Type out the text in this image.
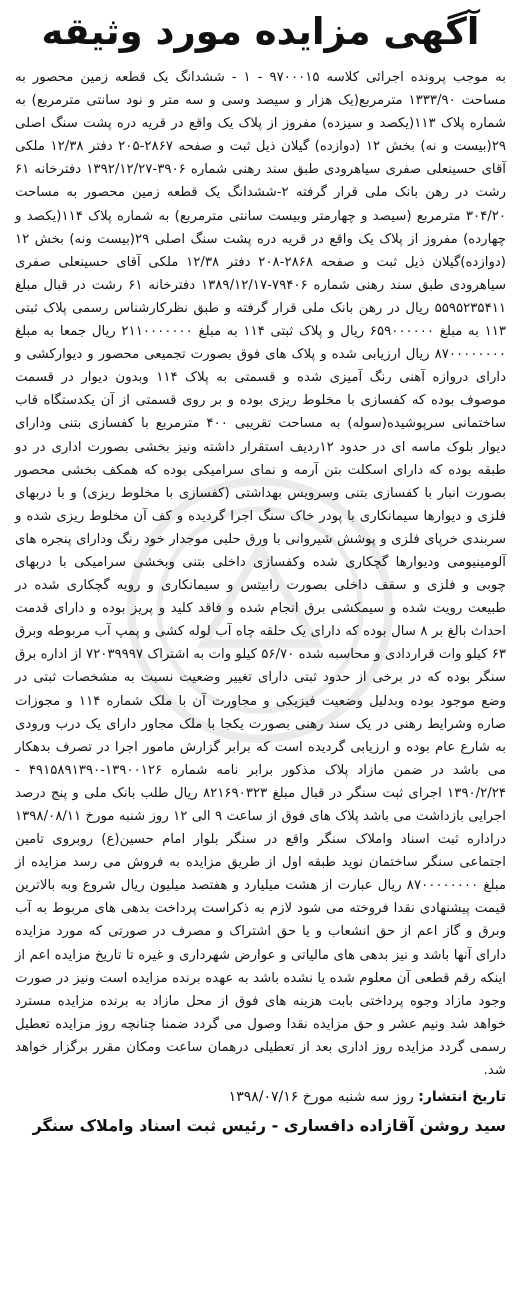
آگهی مزایده مورد وثیقه

به موجب پرونده اجرائی کلاسه ۹۷۰۰۰۱۵ - ۱ - ششدانگ یک قطعه زمین محصور به مساحت ۱۳۳۳/۹۰ مترمربع(یک هزار و سیصد وسی و سه متر و نود سانتی مترمربع) به شماره پلاک ۱۱۳(یکصد و سیزده) مفروز از پلاک یک واقع در قریه دره پشت سنگ اصلی ۲۹(بیست و نه) بخش ۱۲ (دوازده) گیلان ذیل ثبت و صفحه ۲۸۶۷-۲۰۵ دفتر ۱۲/۳۸ ملکی آقای حسینعلی صفری سیاهرودی طبق سند رهنی شماره ۳۹۰۶-۱۳۹۲/۱۲/۲۷ دفترخانه ۶۱ رشت در رهن بانک ملی قرار گرفته ۲-ششدانگ یک قطعه زمین محصور به مساحت ۳۰۴/۲۰ مترمربع (سیصد و چهارمتر وبیست سانتی مترمربع) به شماره پلاک ۱۱۴(یکصد و چهارده) مفروز از پلاک یک واقع در قریه دره پشت سنگ اصلی ۲۹(بیست ونه) بخش ۱۲ (دوازده)گیلان ذیل ثبت و صفحه ۲۸۶۸-۲۰۸ دفتر ۱۲/۳۸ ملکی آقای حسینعلی صفری سیاهرودی طبق سند رهنی شماره ۷۹۴۰۶-۱۳۸۹/۱۲/۱۷ دفترخانه ۶۱ رشت در قبال مبلغ ۵۵۹۵۲۳۵۴۱۱ ریال در رهن بانک ملی قرار گرفته و طبق نظرکارشناس رسمی پلاک ثبتی ۱۱۳ به مبلغ ۶۵۹۰۰۰۰۰۰ ریال و پلاک ثبتی ۱۱۴ به مبلغ ۲۱۱۰۰۰۰۰۰۰ ریال جمعا به مبلغ ۸۷۰۰۰۰۰۰۰۰ ریال ارزیابی شده و پلاک های فوق بصورت تجمیعی محصور و دیوارکشی و دارای دروازه آهنی رنگ آمیزی شده و قسمتی به پلاک ۱۱۴ وبدون دیوار در قسمت موصوف بوده که کفسازی با مخلوط ریزی بوده و بر روی قسمتی از آن یکدستگاه قاب ساختمانی سرپوشیده(سوله) به مساحت تقریبی ۴۰۰ مترمربع با کفسازی بتنی ودارای دیوار بلوک ماسه ای در حدود ۱۲ردیف استقرار داشته ونیز بخشی بصورت اداری در دو طبقه بوده که دارای اسکلت بتن آرمه و نمای سرامیکی بوده که همکف بخشی محصور بصورت انبار با کفسازی بتنی وسرویس بهداشتی (کفسازی با مخلوط ریزی) و با دربهای فلزی و دیوارها سیمانکاری با پودر خاک سنگ اجرا گردیده و کف آن مخلوط ریزی شده و سربندی خرپای فلزی و پوشش شیروانی با ورق حلبی موجدار خود رنگ ودارای پنجره های آلومینیومی ودیوارها گچکاری شده وکفسازی داخلی بتنی وبخشی سرامیکی با دربهای چوبی و فلزی و سقف داخلی بصورت رابیتس و سیمانکاری و رویه گچکاری شده در طبیعت رویت شده و سیمکشی برق انجام شده و فاقد کلید و پریز بوده و دارای قدمت احداث بالغ بر ۸ سال بوده که دارای یک حلقه چاه آب لوله کشی و پمپ آب مربوطه وبرق ۶۳ کیلو وات قراردادی و محاسبه شده ۵۶/۷۰ کیلو وات به اشتراک ۷۲۰۳۹۹۹۷ از اداره برق سنگر بوده که در برخی از حدود ثبتی دارای تغییر وضعیت نسبت به مشخصات ثبتی در وضع موجود بوده وبدلیل وضعیت فیزیکی و مجاورت آن با ملک شماره ۱۱۴ و مجوزات صاره وشرایط رهنی در یک سند رهنی بصورت یکجا با ملک مجاور دارای یک درب ورودی به شارع عام بوده و ارزیابی گردیده است که برابر گزارش مامور اجرا در تصرف بدهکار می باشد در ضمن مازاد پلاک مذکور برابر نامه شماره ۱۳۹۰۰۱۲۶-۴۹۱۵۸۹۱۳۹۰ - ۱۳۹۰/۲/۲۴ اجرای ثبت سنگر در قبال مبلغ ۸۲۱۶۹۰۳۲۳ ریال طلب بانک ملی و پنج درصد اجرایی بازداشت می باشد پلاک های فوق از ساعت ۹ الی ۱۲ روز شنبه مورخ ۱۳۹۸/۰۸/۱۱ دراداره ثبت اسناد واملاک سنگر واقع در سنگر بلوار امام حسین(ع) روبروی تامین اجتماعی سنگر ساختمان نوید طبقه اول از طریق مزایده به فروش می رسد مزایده از مبلغ ۸۷۰۰۰۰۰۰۰۰ ریال عبارت از هشت میلیارد و هفتصد میلیون ریال شروع وبه بالاترین قیمت پیشنهادی نقدا فروخته می شود لازم به ذکراست پرداخت بدهی های مربوط به آب وبرق و گاز اعم از حق انشعاب و یا حق اشتراک و مصرف در صورتی که مورد مزایده دارای آنها باشد و نیز بدهی های مالیاتی و عوارض شهرداری و غیره تا تاریخ مزایده اعم از اینکه رقم قطعی آن معلوم شده یا نشده باشد به عهده برنده مزایده است ونیز در صورت وجود مازاد وجوه پرداختی بابت هزینه های فوق از محل مازاد به برنده مزایده مسترد خواهد شد ونیم عشر و حق مزایده نقدا وصول می گردد ضمنا چنانچه روز مزایده تعطیل رسمی گردد مزایده روز اداری بعد از تعطیلی درهمان ساعت ومکان مقرر برگزار خواهد شد.

تاریخ انتشار: روز سه شنبه مورخ ۱۳۹۸/۰۷/۱۶
سید روشن آقازاده دافساری - رئیس ثبت اسناد واملاک سنگر
